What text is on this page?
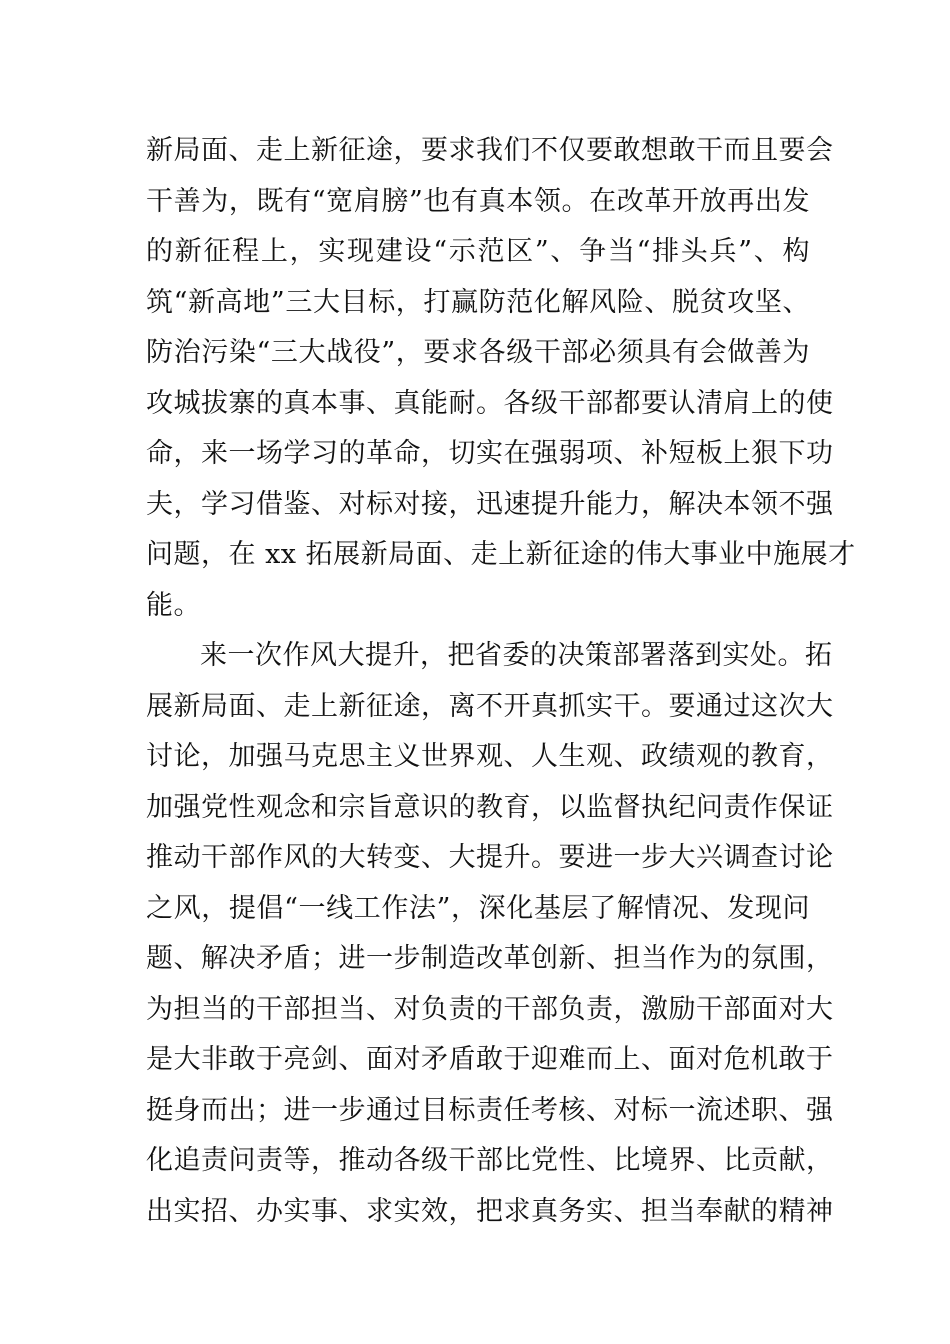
新局面、走上新征途，要求我们不仅要敢想敢干而且要会
干善为，既有“宽肩膀”也有真本领。在改革开放再出发
的新征程上，实现建设“示范区”、争当“排头兵”、构
筑“新高地”三大目标，打赢防范化解风险、脱贫攻坚、
防治污染“三大战役”，要求各级干部必须具有会做善为
攻城拔寨的真本事、真能耐。各级干部都要认清肩上的使
命，来一场学习的革命，切实在强弱项、补短板上狠下功
夫，学习借鉴、对标对接，迅速提升能力，解决本领不强
问题，在 xx 拓展新局面、走上新征途的伟大事业中施展才
能。
来一次作风大提升，把省委的决策部署落到实处。拓
展新局面、走上新征途，离不开真抓实干。要通过这次大
讨论，加强马克思主义世界观、人生观、政绩观的教育，
加强党性观念和宗旨意识的教育，以监督执纪问责作保证
推动干部作风的大转变、大提升。要进一步大兴调查讨论
之风，提倡“一线工作法”，深化基层了解情况、发现问
题、解决矛盾；进一步制造改革创新、担当作为的氛围，
为担当的干部担当、对负责的干部负责，激励干部面对大
是大非敢于亮剑、面对矛盾敢于迎难而上、面对危机敢于
挺身而出；进一步通过目标责任考核、对标一流述职、强
化追责问责等，推动各级干部比党性、比境界、比贡献，
出实招、办实事、求实效，把求真务实、担当奉献的精神
